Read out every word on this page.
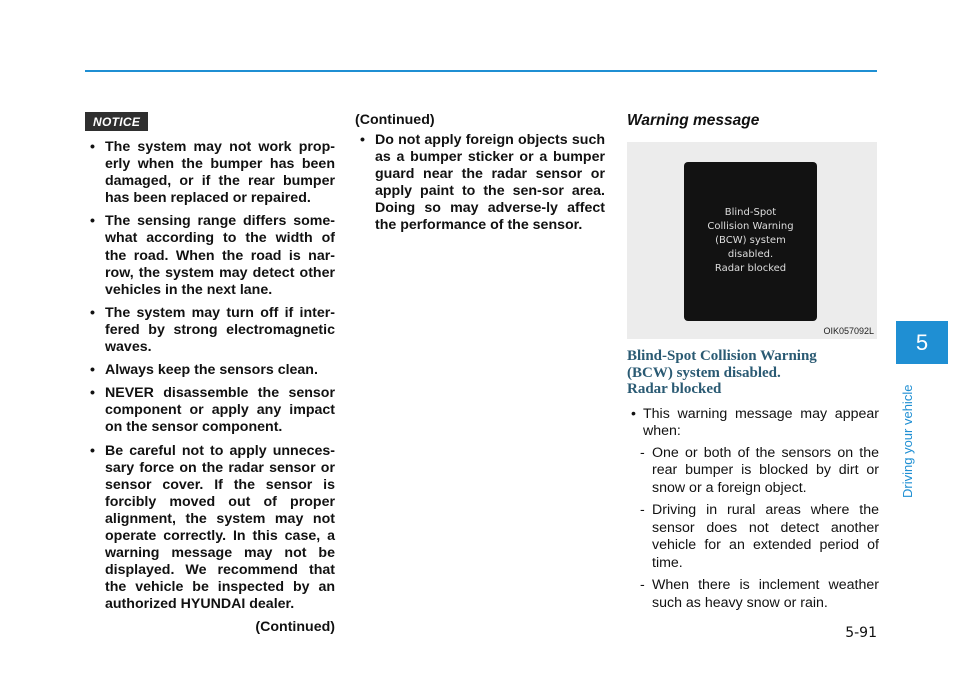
NOTICE
• The system may not work prop-erly when the bumper has been damaged, or if the rear bumper has been replaced or repaired.
• The sensing range differs some-what according to the width of the road. When the road is nar-row, the system may detect other vehicles in the next lane.
• The system may turn off if inter-fered by strong electromagnetic waves.
• Always keep the sensors clean.
• NEVER disassemble the sensor component or apply any impact on the sensor component.
• Be careful not to apply unneces-sary force on the radar sensor or sensor cover. If the sensor is forcibly moved out of proper alignment, the system may not operate correctly. In this case, a warning message may not be displayed. We recommend that the vehicle be inspected by an authorized HYUNDAI dealer.
(Continued)
(Continued)
• Do not apply foreign objects such as a bumper sticker or a bumper guard near the radar sensor or apply paint to the sen-sor area. Doing so may adverse-ly affect the performance of the sensor.
Warning message
Blind-Spot
Collision Warning
(BCW) system
disabled.
Radar blocked
OIK057092L
Blind-Spot Collision Warning
(BCW) system disabled.
Radar blocked
• This warning message may appear when:
- One or both of the sensors on the rear bumper is blocked by dirt or snow or a foreign object.
- Driving in rural areas where the sensor does not detect another vehicle for an extended period of time.
- When there is inclement weather such as heavy snow or rain.
5
Driving your vehicle
5-91
